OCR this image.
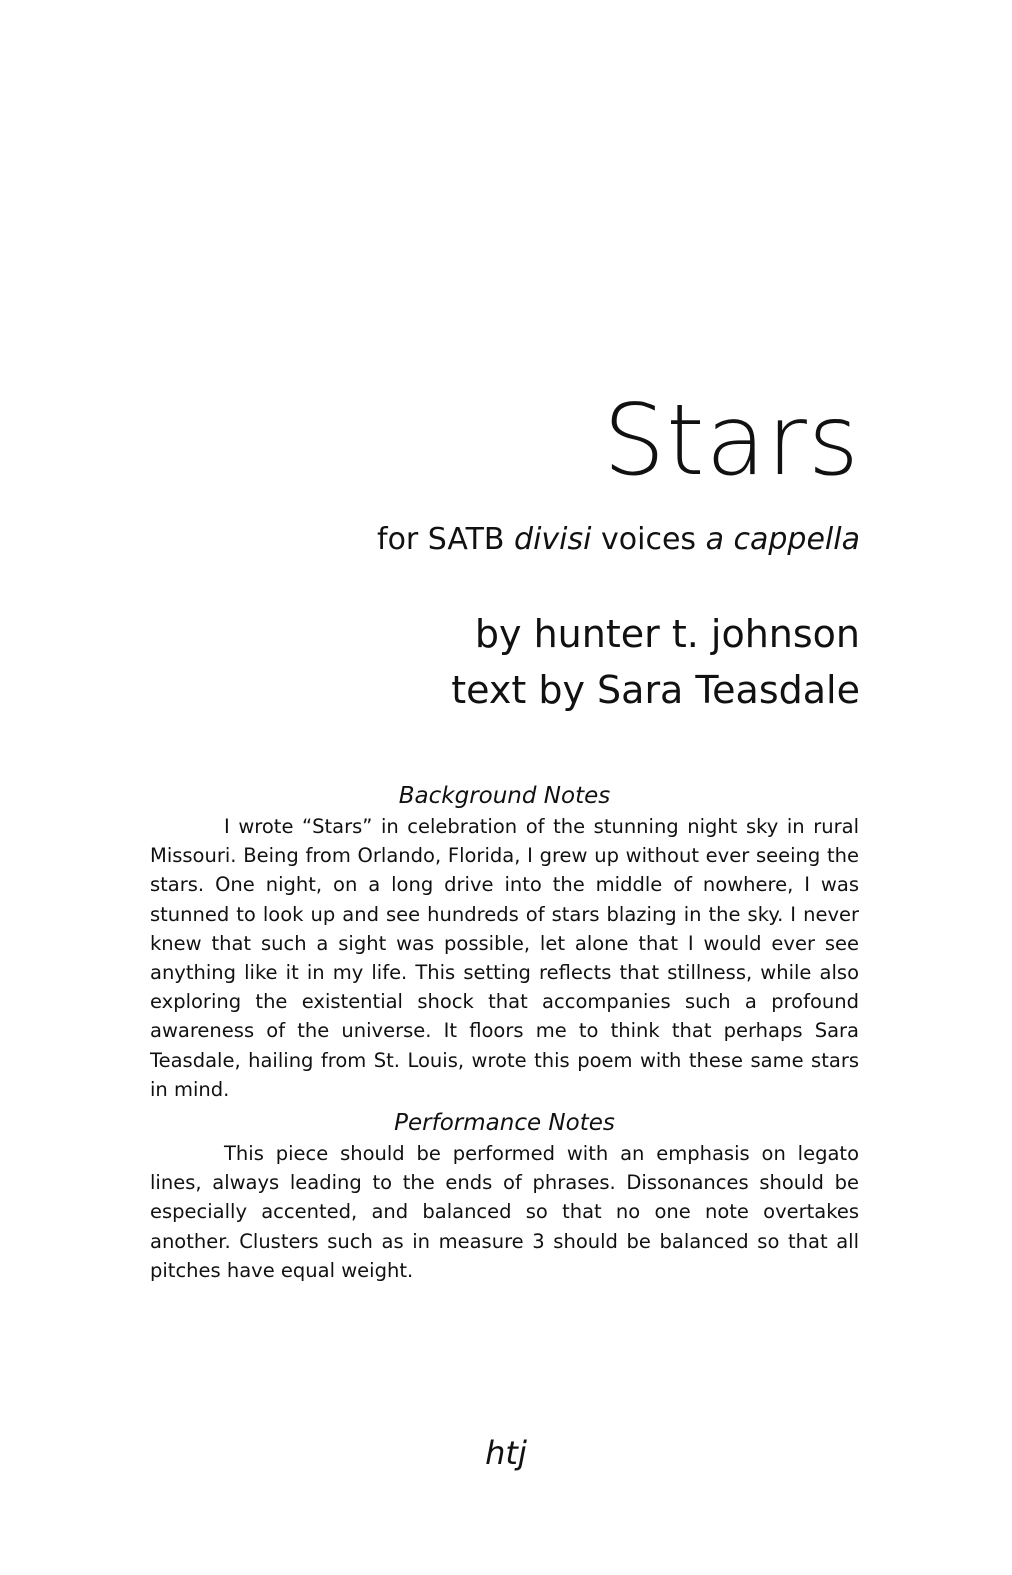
Stars
for SATB divisi voices a cappella
by hunter t. johnson
text by Sara Teasdale
Background Notes

I wrote “Stars” in celebration of the stunning night sky in rural Missouri. Being from Orlando, Florida, I grew up without ever seeing the stars. One night, on a long drive into the middle of nowhere, I was stunned to look up and see hundreds of stars blazing in the sky. I never knew that such a sight was possible, let alone that I would ever see anything like it in my life. This setting reflects that stillness, while also exploring the existential shock that accompanies such a profound awareness of the universe. It floors me to think that perhaps Sara Teasdale, hailing from St. Louis, wrote this poem with these same stars in mind.

Performance Notes

This piece should be performed with an emphasis on legato lines, always leading to the ends of phrases. Dissonances should be especially accented, and balanced so that no one note overtakes another. Clusters such as in measure 3 should be balanced so that all pitches have equal weight.

htj
